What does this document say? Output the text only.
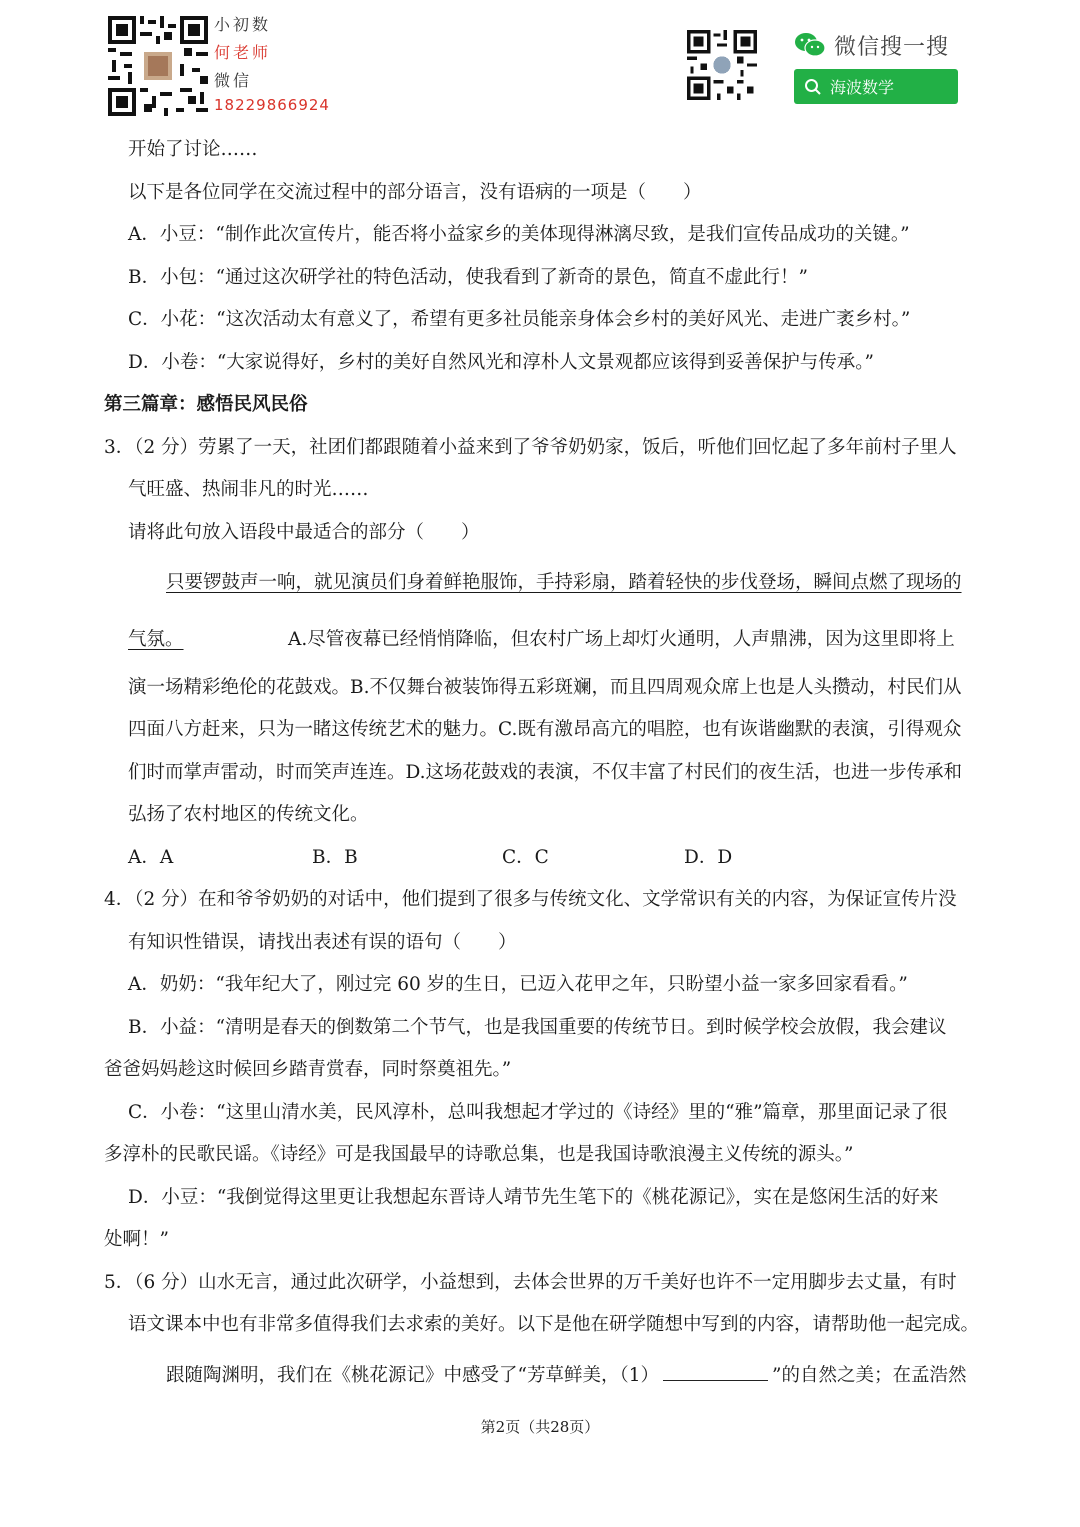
小初数
何老师
微信
18229866924
微信搜一搜
海波数学
开始了讨论……
以下是各位同学在交流过程中的部分语言，没有语病的一项是（　　）
A．小豆：“制作此次宣传片，能否将小益家乡的美体现得淋漓尽致，是我们宣传品成功的关键。”
B．小包：“通过这次研学社的特色活动，使我看到了新奇的景色，简直不虚此行！”
C．小花：“这次活动太有意义了，希望有更多社员能亲身体会乡村的美好风光、走进广袤乡村。”
D．小卷：“大家说得好，乡村的美好自然风光和淳朴人文景观都应该得到妥善保护与传承。”
第三篇章：感悟民风民俗
3．（2 分）劳累了一天，社团们都跟随着小益来到了爷爷奶奶家，饭后，听他们回忆起了多年前村子里人
气旺盛、热闹非凡的时光……
请将此句放入语段中最适合的部分（　　）
只要锣鼓声一响，就见演员们身着鲜艳服饰，手持彩扇，踏着轻快的步伐登场，瞬间点燃了现场的
气氛。	A.尽管夜幕已经悄悄降临，但农村广场上却灯火通明，人声鼎沸，因为这里即将上
演一场精彩绝伦的花鼓戏。B.不仅舞台被装饰得五彩斑斓，而且四周观众席上也是人头攒动，村民们从
四面八方赶来，只为一睹这传统艺术的魅力。C.既有激昂高亢的唱腔，也有诙谐幽默的表演，引得观众
们时而掌声雷动，时而笑声连连。D.这场花鼓戏的表演，不仅丰富了村民们的夜生活，也进一步传承和
弘扬了农村地区的传统文化。
A．A	B．B	C．C	D．D
4．（2 分）在和爷爷奶奶的对话中，他们提到了很多与传统文化、文学常识有关的内容，为保证宣传片没
有知识性错误，请找出表述有误的语句（　　）
A．奶奶：“我年纪大了，刚过完 60 岁的生日，已迈入花甲之年，只盼望小益一家多回家看看。”
B．小益：“清明是春天的倒数第二个节气，也是我国重要的传统节日。到时候学校会放假，我会建议
爸爸妈妈趁这时候回乡踏青赏春，同时祭奠祖先。”
C．小卷：“这里山清水美，民风淳朴，总叫我想起才学过的《诗经》里的“雅”篇章，那里面记录了很
多淳朴的民歌民谣。《诗经》可是我国最早的诗歌总集，也是我国诗歌浪漫主义传统的源头。”
D．小豆：“我倒觉得这里更让我想起东晋诗人靖节先生笔下的《桃花源记》，实在是悠闲生活的好来
处啊！”
5．（6 分）山水无言，通过此次研学，小益想到，去体会世界的万千美好也许不一定用脚步去丈量，有时
语文课本中也有非常多值得我们去求索的美好。以下是他在研学随想中写到的内容，请帮助他一起完成。
跟随陶渊明，我们在《桃花源记》中感受了“芳草鲜美，（1）	”的自然之美；在孟浩然
第2页（共28页）
